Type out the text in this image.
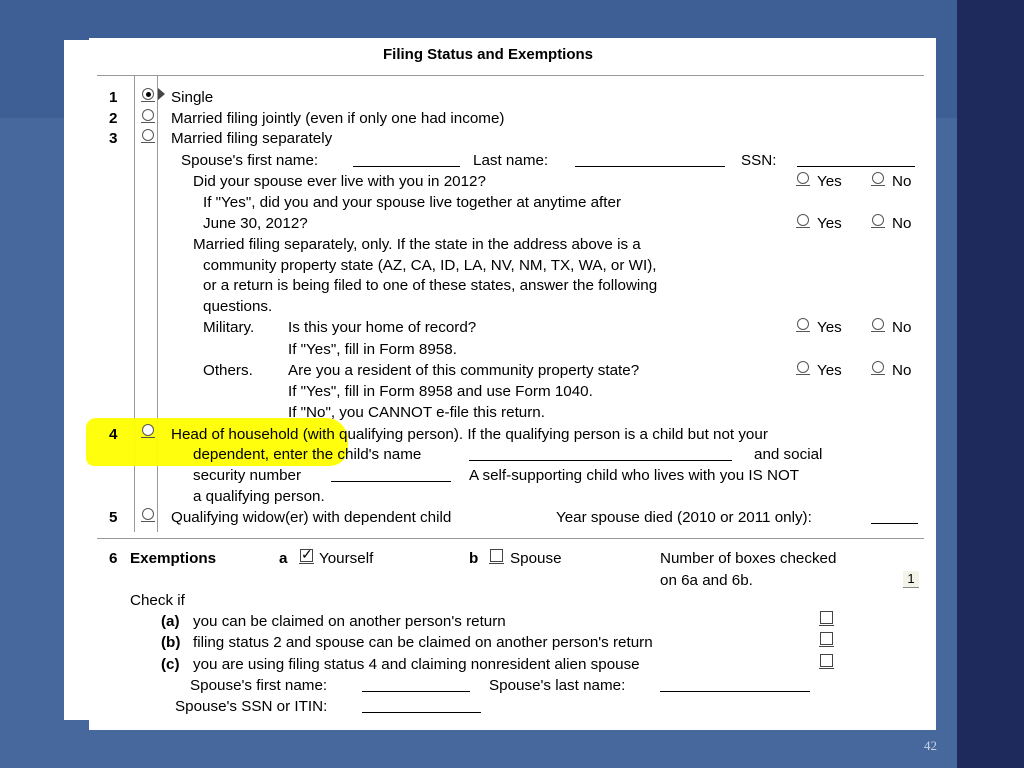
42
Filing Status and Exemptions
1	Single
2	Married filing jointly (even if only one had income)
3	Married filing separately
Spouse's first name:	Last name:	SSN:
Did your spouse ever live with you in 2012?	Yes	No
If "Yes", did you and your spouse live together at anytime after
June 30, 2012?	Yes	No
Married filing separately, only. If the state in the address above is a
community property state (AZ, CA, ID, LA, NV, NM, TX, WA, or WI),
or a return is being filed to one of these states, answer the following
questions.
Military. Is this your home of record?	Yes	No
If "Yes", fill in Form 8958.
Others. Are you a resident of this community property state?	Yes	No
If "Yes", fill in Form 8958 and use Form 1040.
If "No", you CANNOT e-file this return.
4	Head of household (with qualifying person). If the qualifying person is a child but not your
dependent, enter the child's name	and social
security number	A self-supporting child who lives with you IS NOT
a qualifying person.
5	Qualifying widow(er) with dependent child	Year spouse died (2010 or 2011 only):
6 Exemptions	a ✓ Yourself	b Spouse	Number of boxes checked
on 6a and 6b.	1
Check if
(a) you can be claimed on another person's return
(b) filing status 2 and spouse can be claimed on another person's return
(c) you are using filing status 4 and claiming nonresident alien spouse
Spouse's first name:	Spouse's last name:
Spouse's SSN or ITIN:
